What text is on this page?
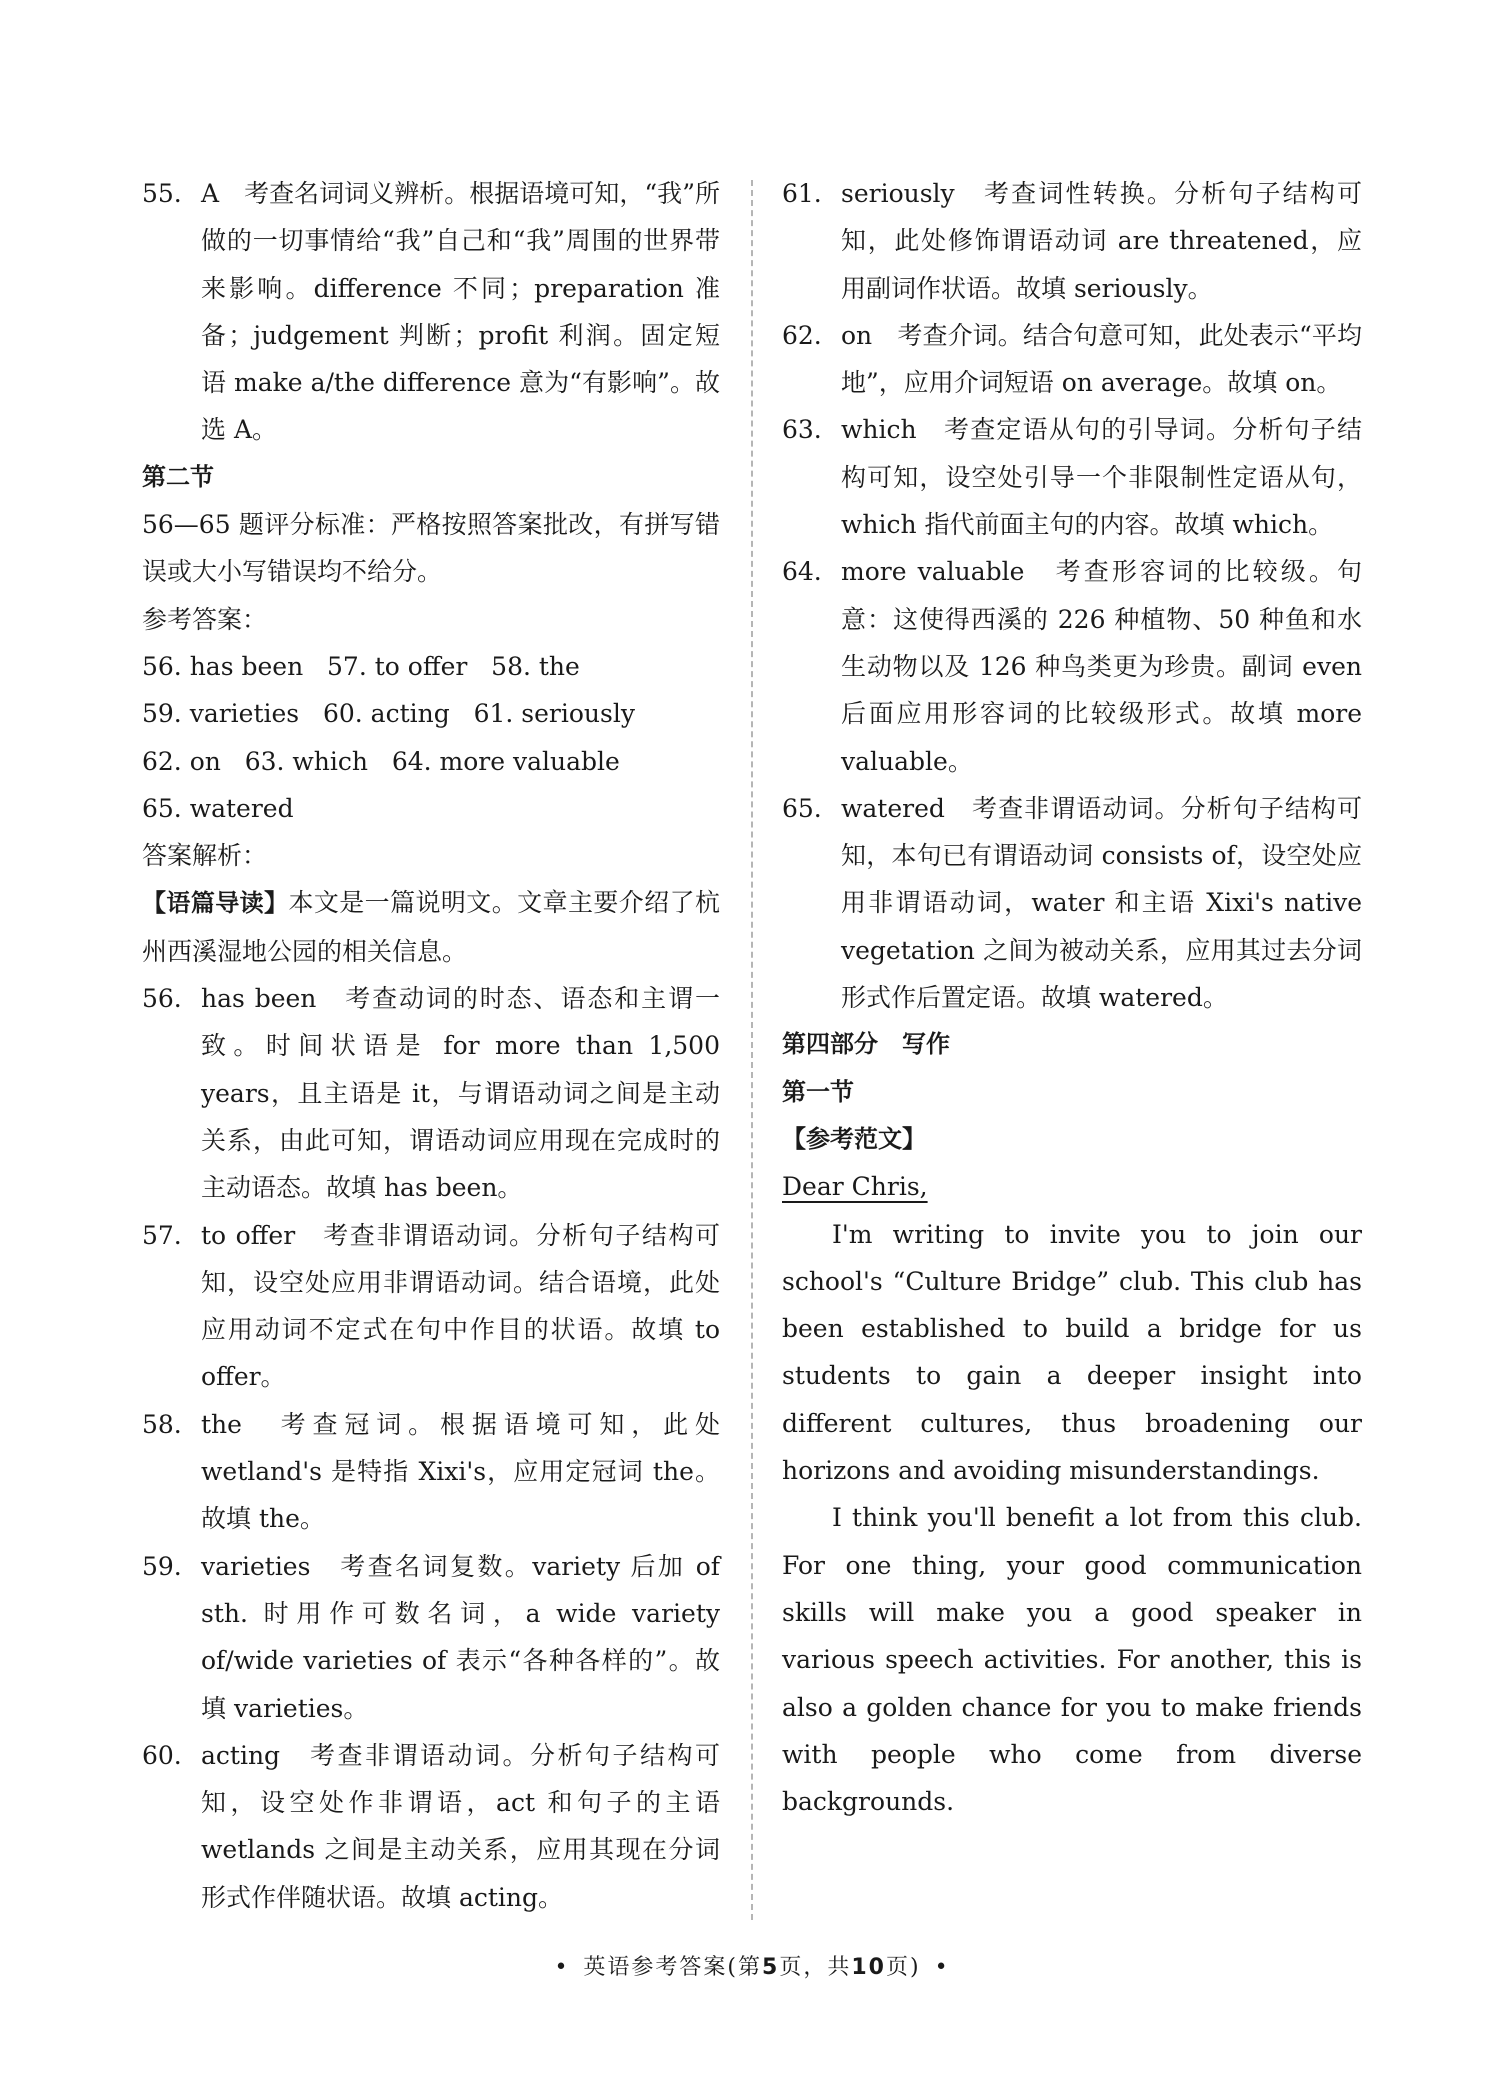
55. A　考查名词词义辨析。根据语境可知，“我”所做的一切事情给“我”自己和“我”周围的世界带来影响。difference 不同；preparation 准备；judgement 判断；profit 利润。固定短语 make a/the difference 意为“有影响”。故选 A。
第二节
56—65 题评分标准：严格按照答案批改，有拼写错误或大小写错误均不给分。
参考答案：
56. has been   57. to offer   58. the
59. varieties   60. acting   61. seriously
62. on   63. which   64. more valuable
65. watered
答案解析：
【语篇导读】本文是一篇说明文。文章主要介绍了杭州西溪湿地公园的相关信息。
56. has been　考查动词的时态、语态和主谓一致。时间状语是 for more than 1,500 years，且主语是 it，与谓语动词之间是主动关系，由此可知，谓语动词应用现在完成时的主动语态。故填 has been。
57. to offer　考查非谓语动词。分析句子结构可知，设空处应用非谓语动词。结合语境，此处应用动词不定式在句中作目的状语。故填 to offer。
58. the　考查冠词。根据语境可知，此处 wetland's 是特指 Xixi's，应用定冠词 the。故填 the。
59. varieties　考查名词复数。variety 后加 of sth. 时用作可数名词，a wide variety of/wide varieties of 表示“各种各样的”。故填 varieties。
60. acting　考查非谓语动词。分析句子结构可知，设空处作非谓语，act 和句子的主语 wetlands 之间是主动关系，应用其现在分词形式作伴随状语。故填 acting。
61. seriously　考查词性转换。分析句子结构可知，此处修饰谓语动词 are threatened，应用副词作状语。故填 seriously。
62. on　考查介词。结合句意可知，此处表示“平均地”，应用介词短语 on average。故填 on。
63. which　考查定语从句的引导词。分析句子结构可知，设空处引导一个非限制性定语从句，which 指代前面主句的内容。故填 which。
64. more valuable　考查形容词的比较级。句意：这使得西溪的 226 种植物、50 种鱼和水生动物以及 126 种鸟类更为珍贵。副词 even 后面应用形容词的比较级形式。故填 more valuable。
65. watered　考查非谓语动词。分析句子结构可知，本句已有谓语动词 consists of，设空处应用非谓语动词，water 和主语 Xixi's native vegetation 之间为被动关系，应用其过去分词形式作后置定语。故填 watered。
第四部分　写作
第一节
【参考范文】
Dear Chris,
I'm writing to invite you to join our school's “Culture Bridge” club. This club has been established to build a bridge for us students to gain a deeper insight into different cultures, thus broadening our horizons and avoiding misunderstandings.
I think you'll benefit a lot from this club. For one thing, your good communication skills will make you a good speaker in various speech activities. For another, this is also a golden chance for you to make friends with people who come from diverse backgrounds.
• 英语参考答案(第5页，共10页) •
